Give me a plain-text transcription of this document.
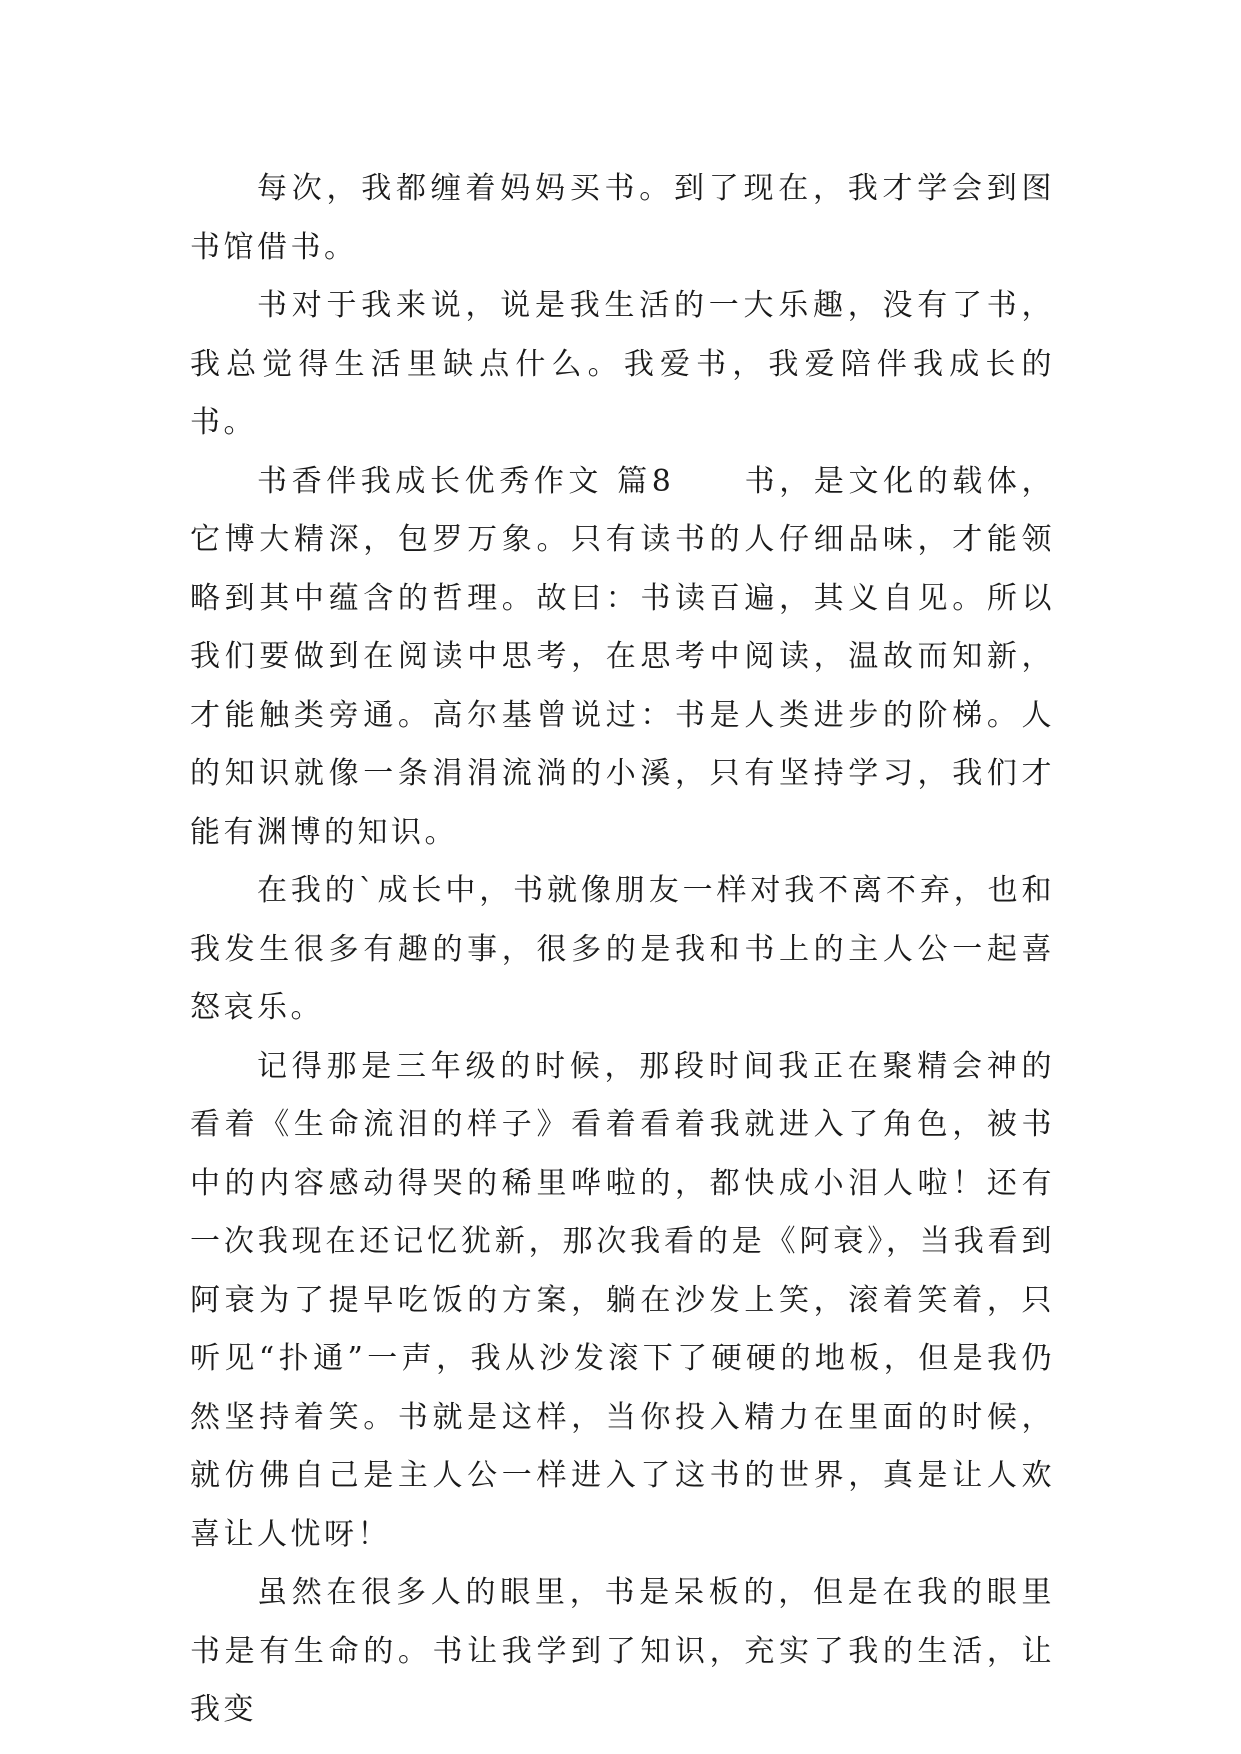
每次，我都缠着妈妈买书。到了现在，我才学会到图书馆借书。

书对于我来说，说是我生活的一大乐趣，没有了书，我总觉得生活里缺点什么。我爱书，我爱陪伴我成长的书。

书香伴我成长优秀作文 篇8　　书，是文化的载体，它博大精深，包罗万象。只有读书的人仔细品味，才能领略到其中蕴含的哲理。故曰：书读百遍，其义自见。所以我们要做到在阅读中思考，在思考中阅读，温故而知新，才能触类旁通。高尔基曾说过：书是人类进步的阶梯。人的知识就像一条涓涓流淌的小溪，只有坚持学习，我们才能有渊博的知识。

在我的`成长中，书就像朋友一样对我不离不弃，也和我发生很多有趣的事，很多的是我和书上的主人公一起喜怒哀乐。

记得那是三年级的时候，那段时间我正在聚精会神的看着《生命流泪的样子》看着看着我就进入了角色，被书中的内容感动得哭的稀里哗啦的，都快成小泪人啦！还有一次我现在还记忆犹新，那次我看的是《阿衰》，当我看到阿衰为了提早吃饭的方案，躺在沙发上笑，滚着笑着，只听见“扑通”一声，我从沙发滚下了硬硬的地板，但是我仍然坚持着笑。书就是这样，当你投入精力在里面的时候，就仿佛自己是主人公一样进入了这书的世界，真是让人欢喜让人忧呀！

虽然在很多人的眼里，书是呆板的，但是在我的眼里书是有生命的。书让我学到了知识，充实了我的生活，让我变
